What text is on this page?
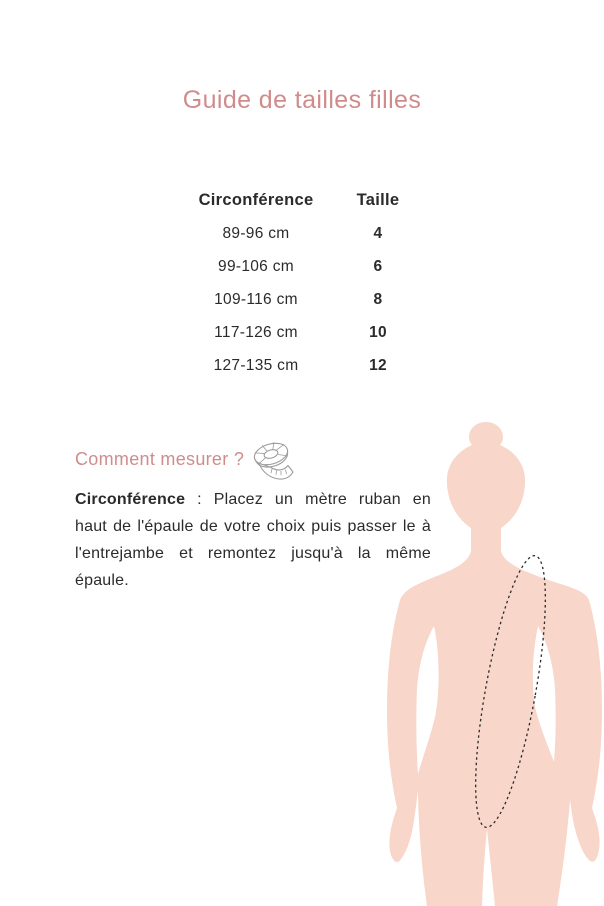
Guide de tailles filles
Circonférence	Taille
89-96 cm	4
99-106 cm	6
109-116 cm	8
117-126 cm	10
127-135 cm	12
Comment mesurer ?
Circonférence : Placez un mètre ruban en
haut de l'épaule de votre choix puis passer le à
l'entrejambe et remontez jusqu'à la même
épaule.
